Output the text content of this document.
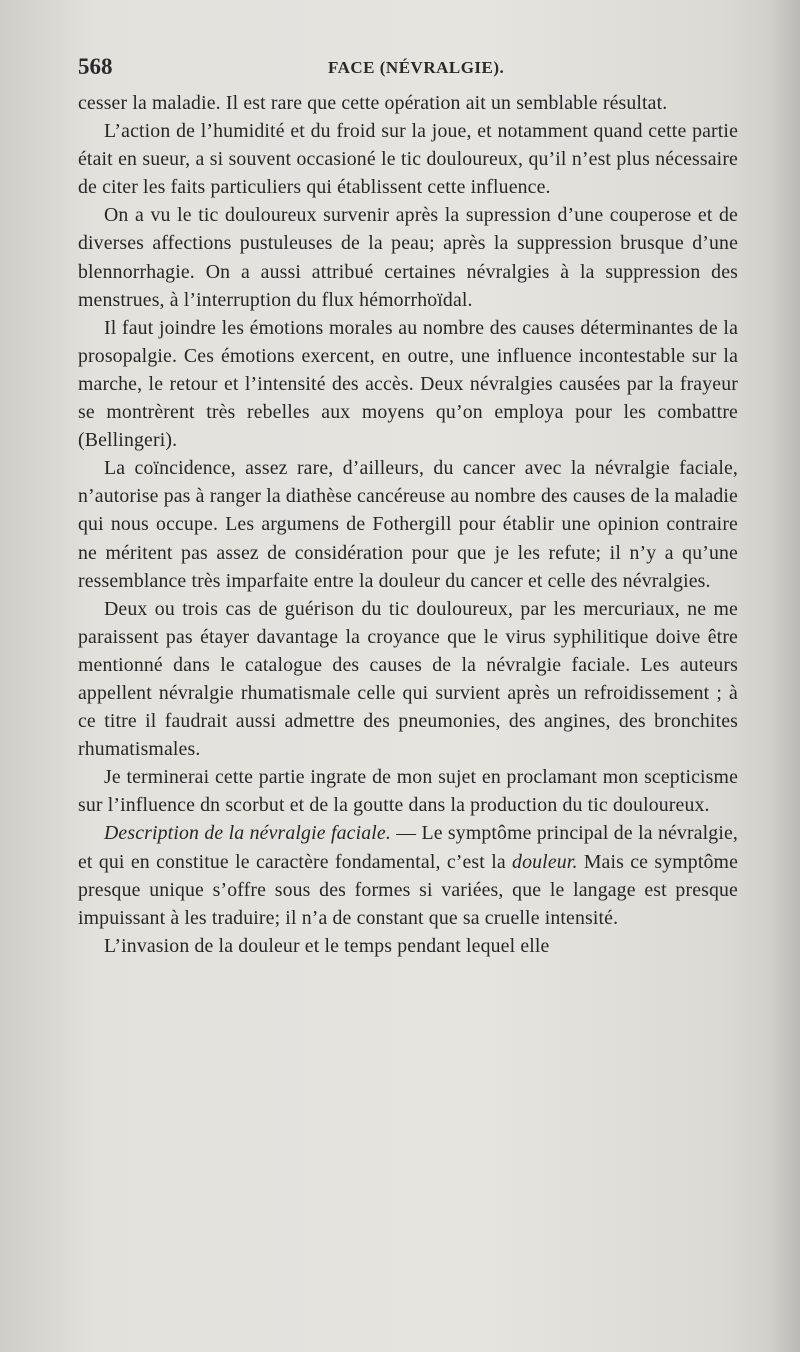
568	FACE (NÉVRALGIE).

cesser la maladie. Il est rare que cette opération ait un semblable résultat.

L’action de l’humidité et du froid sur la joue, et notamment quand cette partie était en sueur, a si souvent occasioné le tic douloureux, qu’il n’est plus nécessaire de citer les faits particuliers qui établissent cette influence.

On a vu le tic douloureux survenir après la supression d’une couperose et de diverses affections pustuleuses de la peau; après la suppression brusque d’une blennorrhagie. On a aussi attribué certaines névralgies à la suppression des menstrues, à l’interruption du flux hémorrhoïdal.

Il faut joindre les émotions morales au nombre des causes déterminantes de la prosopalgie. Ces émotions exercent, en outre, une influence incontestable sur la marche, le retour et l’intensité des accès. Deux névralgies causées par la frayeur se montrèrent très rebelles aux moyens qu’on employa pour les combattre (Bellingeri).

La coïncidence, assez rare, d’ailleurs, du cancer avec la névralgie faciale, n’autorise pas à ranger la diathèse cancéreuse au nombre des causes de la maladie qui nous occupe. Les argumens de Fothergill pour établir une opinion contraire ne méritent pas assez de considération pour que je les refute; il n’y a qu’une ressemblance très imparfaite entre la douleur du cancer et celle des névralgies.

Deux ou trois cas de guérison du tic douloureux, par les mercuriaux, ne me paraissent pas étayer davantage la croyance que le virus syphilitique doive être mentionné dans le catalogue des causes de la névralgie faciale. Les auteurs appellent névralgie rhumatismale celle qui survient après un refroidissement ; à ce titre il faudrait aussi admettre des pneumonies, des angines, des bronchites rhumatismales.

Je terminerai cette partie ingrate de mon sujet en proclamant mon scepticisme sur l’influence dn scorbut et de la goutte dans la production du tic douloureux.

Description de la névralgie faciale. — Le symptôme principal de la névralgie, et qui en constitue le caractère fondamental, c’est la douleur. Mais ce symptôme presque unique s’offre sous des formes si variées, que le langage est presque impuissant à les traduire; il n’a de constant que sa cruelle intensité.

L’invasion de la douleur et le temps pendant lequel elle
